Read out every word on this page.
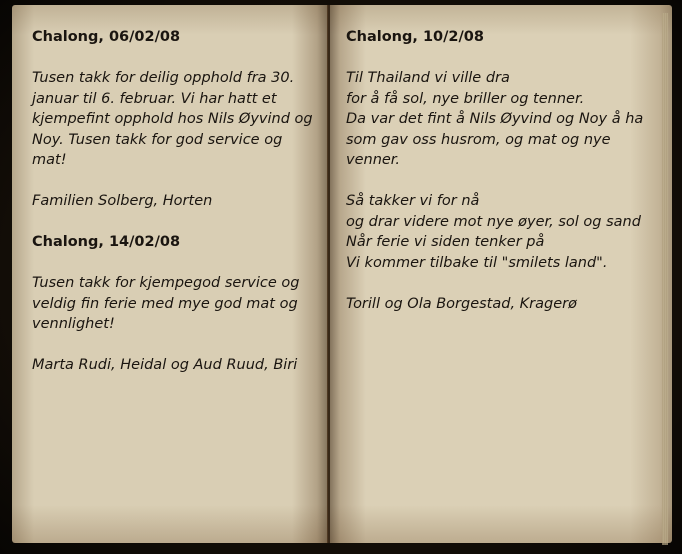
Chalong, 06/02/08

Tusen takk for deilig opphold fra 30.
januar til 6. februar. Vi har hatt et
kjempefint opphold hos Nils Øyvind og
Noy. Tusen takk for god service og mat!

Familien Solberg, Horten

Chalong, 14/02/08

Tusen takk for kjempegod service og
veldig fin ferie med mye god mat og
vennlighet!

Marta Rudi, Heidal og Aud Ruud, Biri

Chalong, 10/2/08

Til Thailand vi ville dra
for å få sol, nye briller og tenner.
Da var det fint å Nils Øyvind og Noy å ha
som gav oss husrom, og mat og nye
venner.

Så takker vi for nå
og drar videre mot nye øyer, sol og sand
Når ferie vi siden tenker på
Vi kommer tilbake til "smilets land".

Torill og Ola Borgestad, Kragerø
